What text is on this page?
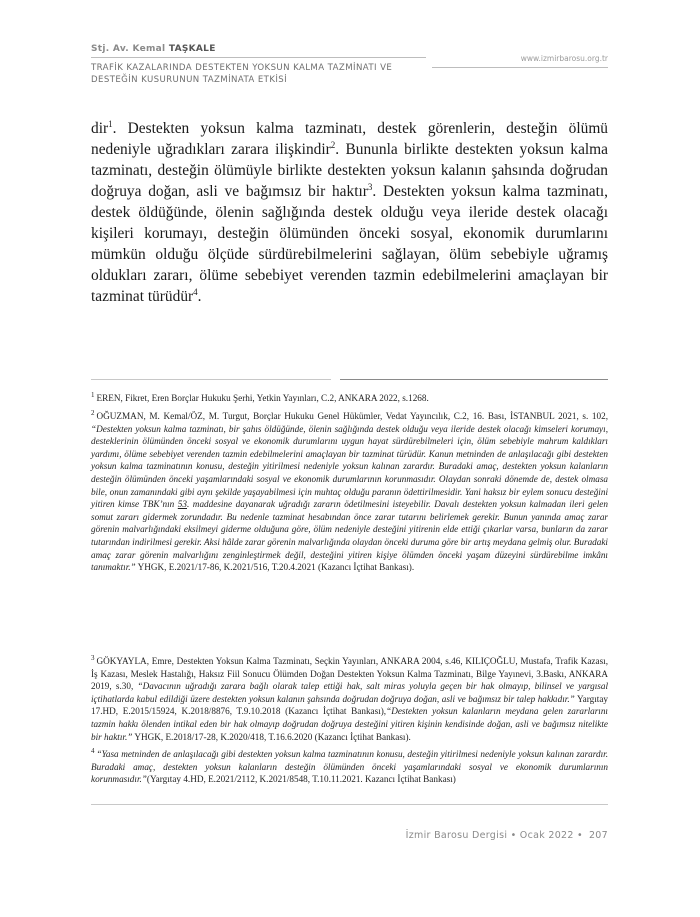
Stj. Av. Kemal TAŞKALE
TRAFİK KAZALARINDA DESTEKTEN YOKSUN KALMA TAZMİNATI VE DESTEĞİN KUSURUNUN TAZMİNATA ETKİSİ
www.izmirbarosu.org.tr
dir$^1$. Destekten yoksun kalma tazminatı, destek görenlerin, desteğin ölümü nedeniyle uğradıkları zarara ilişkindir$^2$. Bununla birlikte destekten yoksun kalma tazminatı, desteğin ölümüyle birlikte destekten yoksun kalanın şahsında doğrudan doğruya doğan, asli ve bağımsız bir haktır$^3$. Destekten yoksun kalma tazminatı, destek öldüğünde, ölenin sağlığında destek olduğu veya ileride destek olacağı kişileri korumayı, desteğin ölümünden önceki sosyal, ekonomik durumlarını mümkün olduğu ölçüde sürdürebilmelerini sağlayan, ölüm sebebiyle uğramış oldukları zararı, ölüme sebebiyet verenden tazmin edebilmelerini amaçlayan bir tazminat türüdür$^4$.
$^1$ EREN, Fikret, Eren Borçlar Hukuku Şerhi, Yetkin Yayınları, C.2, ANKARA 2022, s.1268.
$^2$ OĞUZMAN, M. Kemal/ÖZ, M. Turgut, Borçlar Hukuku Genel Hükümler, Vedat Yayıncılık, C.2, 16. Bası, İSTANBUL 2021, s. 102, “Destekten yoksun kalma tazminatı, bir şahıs öldüğünde, ölenin sağlığında destek olduğu veya ileride destek olacağı kimseleri korumayı, desteklerinin ölümünden önceki sosyal ve ekonomik durumlarını uygun hayat sürdürebilmeleri için, ölüm sebebiyle mahrum kaldıkları yardımı, ölüme sebebiyet verenden tazmin edebilmelerini amaçlayan bir tazminat türüdür. Kanun metninden de anlaşılacağı gibi destekten yoksun kalma tazminatının konusu, desteğin yitirilmesi nedeniyle yoksun kalınan zarardır. Buradaki amaç, destekten yoksun kalanların desteğin ölümünden önceki yaşamlarındaki sosyal ve ekonomik durumlarının korunmasıdır. Olaydan sonraki dönemde de, destek olmasa bile, onun zamanındaki gibi aynı şekilde yaşayabilmesi için muhtaç olduğu paranın ödettirilmesidir. Yani haksız bir eylem sonucu desteğini yitiren kimse TBK’nın 53. maddesine dayanarak uğradığı zararın ödetilmesini isteyebilir. Davalı destekten yoksun kalmadan ileri gelen somut zararı gidermek zorundadır. Bu nedenle tazminat hesabından önce zarar tutarını belirlemek gerekir. Bunun yanında amaç zarar görenin malvarlığındaki eksilmeyi giderme olduğuna göre, ölüm nedeniyle desteğini yitirenin elde ettiği çıkarlar varsa, bunların da zarar tutarından indirilmesi gerekir. Aksi hâlde zarar görenin malvarlığında olaydan önceki duruma göre bir artış meydana gelmiş olur. Buradaki amaç zarar görenin malvarlığını zenginleştirmek değil, desteğini yitiren kişiye ölümden önceki yaşam düzeyini sürdürebilme imkânı tanımaktır.” YHGK, E.2021/17-86, K.2021/516, T.20.4.2021 (Kazancı İçtihat Bankası).
$^3$ GÖKYAYLA, Emre, Destekten Yoksun Kalma Tazminatı, Seçkin Yayınları, ANKARA 2004, s.46, KILIÇOĞLU, Mustafa, Trafik Kazası, İş Kazası, Meslek Hastalığı, Haksız Fiil Sonucu Ölümden Doğan Destekten Yoksun Kalma Tazminatı, Bilge Yayınevi, 3.Baskı, ANKARA 2019, s.30, “Davacının uğradığı zarara bağlı olarak talep ettiği hak, salt miras yoluyla geçen bir hak olmayıp, bilinsel ve yargısal içtihatlarda kabul edildiği üzere destekten yoksun kalanın şahsında doğrudan doğruya doğan, asli ve bağımsız bir talep hakkıdır.” Yargıtay 17.HD, E.2015/15924, K.2018/8876, T.9.10.2018 (Kazancı İçtihat Bankası),“Destekten yoksun kalanların meydana gelen zararlarını tazmin hakkı ölenden intikal eden bir hak olmayıp doğrudan doğruya desteğini yitiren kişinin kendisinde doğan, asli ve bağımsız nitelikte bir haktır.” YHGK, E.2018/17-28, K.2020/418, T.16.6.2020 (Kazancı İçtihat Bankası).
$^4$ “Yasa metninden de anlaşılacağı gibi destekten yoksun kalma tazminatının konusu, desteğin yitirilmesi nedeniyle yoksun kalınan zarardır. Buradaki amaç, destekten yoksun kalanların desteğin ölümünden önceki yaşamlarındaki sosyal ve ekonomik durumlarının korunmasıdır.”(Yargıtay 4.HD, E.2021/2112, K.2021/8548, T.10.11.2021. Kazancı İçtihat Bankası)
İzmir Barosu Dergisi • Ocak 2022 • 207
